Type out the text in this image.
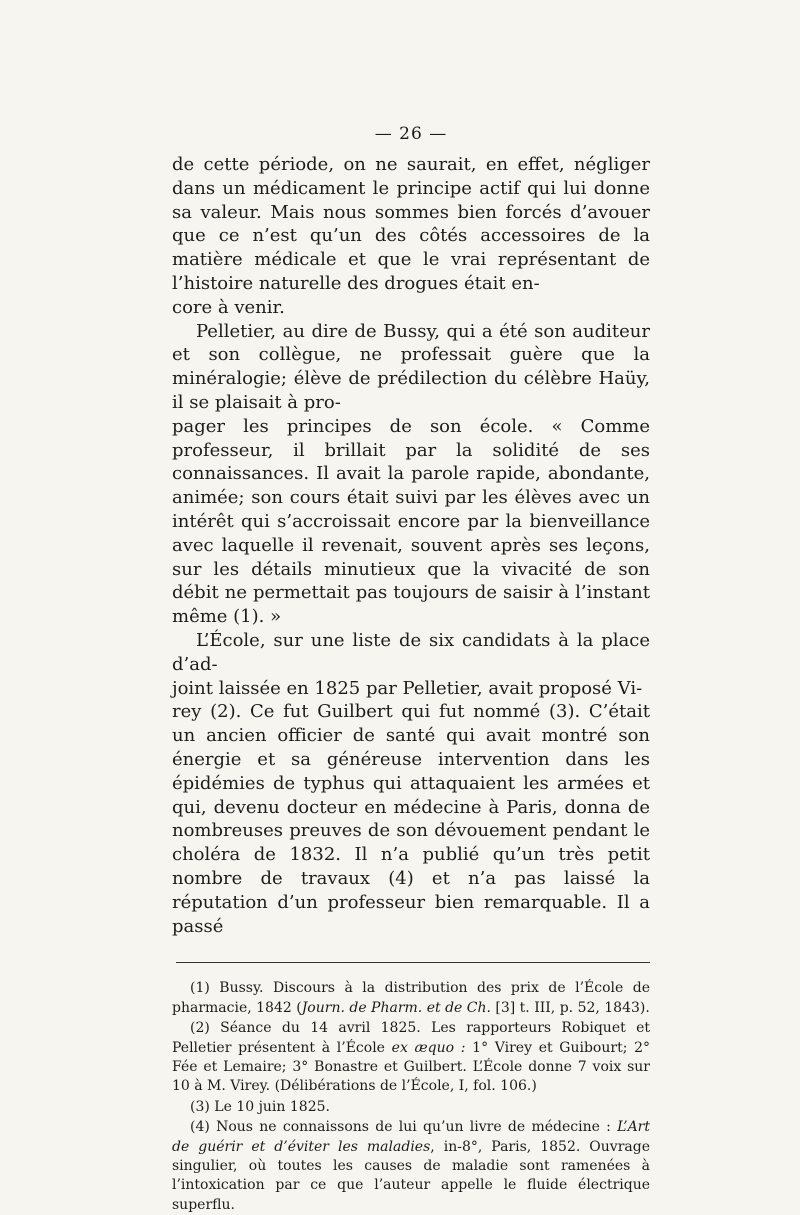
— 26 —

de cette période, on ne saurait, en effet, négliger dans un médicament le principe actif qui lui donne sa valeur. Mais nous sommes bien forcés d’avouer que ce n’est qu’un des côtés accessoires de la matière médicale et que le vrai représentant de l’histoire naturelle des drogues était en-
core à venir.

Pelletier, au dire de Bussy, qui a été son auditeur et son collègue, ne professait guère que la minéralogie; élève de prédilection du célèbre Haüy, il se plaisait à pro-
pager les principes de son école. « Comme professeur, il brillait par la solidité de ses connaissances. Il avait la parole rapide, abondante, animée; son cours était suivi par les élèves avec un intérêt qui s’accroissait encore par la bienveillance avec laquelle il revenait, souvent après ses leçons, sur les détails minutieux que la vivacité de son débit ne permettait pas toujours de saisir à l’instant même (1). »

L’École, sur une liste de six candidats à la place d’ad-
joint laissée en 1825 par Pelletier, avait proposé Vi-
rey (2). Ce fut Guilbert qui fut nommé (3). C’était un ancien officier de santé qui avait montré son énergie et sa généreuse intervention dans les épidémies de typhus qui attaquaient les armées et qui, devenu docteur en médecine à Paris, donna de nombreuses preuves de son dévouement pendant le choléra de 1832. Il n’a publié qu’un très petit nombre de travaux (4) et n’a pas laissé la réputation d’un professeur bien remarquable. Il a passé

(1) Bussy. Discours à la distribution des prix de l’École de pharmacie, 1842 (Journ. de Pharm. et de Ch. [3] t. III, p. 52, 1843).

(2) Séance du 14 avril 1825. Les rapporteurs Robiquet et Pelletier présentent à l’École ex æquo : 1° Virey et Guibourt; 2° Fée et Lemaire; 3° Bonastre et Guilbert. L’École donne 7 voix sur 10 à M. Virey. (Délibérations de l’École, I, fol. 106.)

(3) Le 10 juin 1825.

(4) Nous ne connaissons de lui qu’un livre de médecine : L’Art de guérir et d’éviter les maladies, in-8°, Paris, 1852. Ouvrage singulier, où toutes les causes de maladie sont ramenées à l’intoxication par ce que l’auteur appelle le fluide électrique superflu.
